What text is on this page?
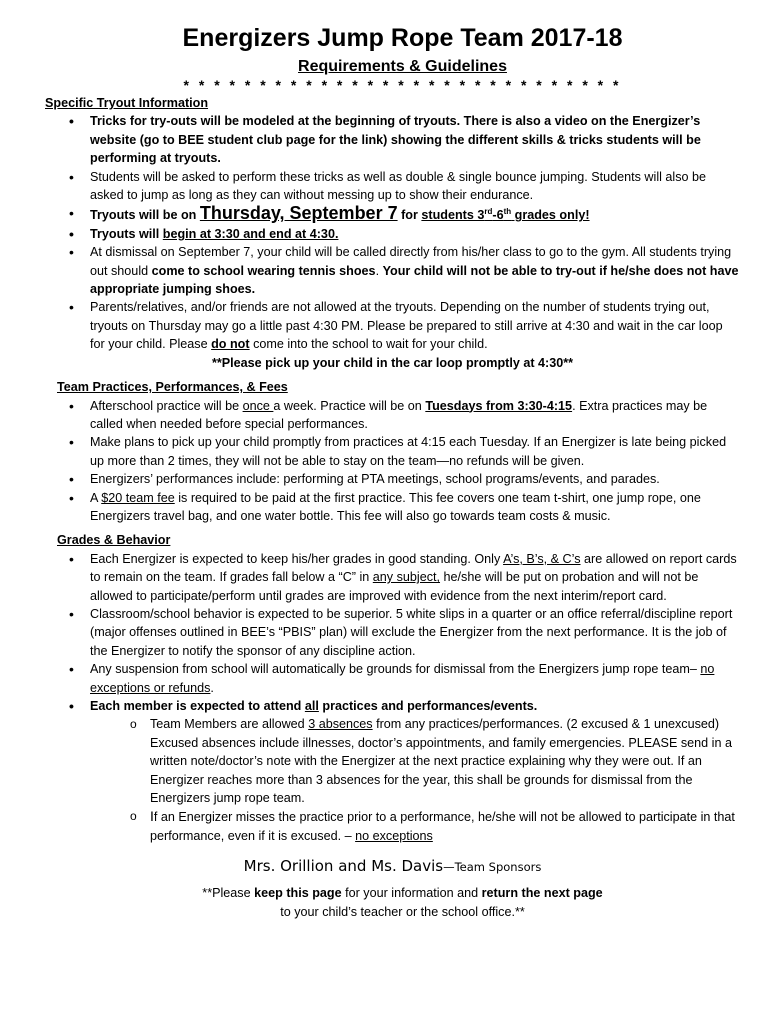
Energizers Jump Rope Team 2017-18
Requirements & Guidelines
* * * * * * * * * * * * * * * * * * * * * * * * * * * * *
Specific Tryout Information
• Tricks for try-outs will be modeled at the beginning of tryouts. There is also a video on the Energizer’s website (go to BEE student club page for the link) showing the different skills & tricks students will be performing at tryouts.
• Students will be asked to perform these tricks as well as double & single bounce jumping. Students will also be asked to jump as long as they can without messing up to show their endurance.
• Tryouts will be on Thursday, September 7 for students 3rd-6th grades only!
• Tryouts will begin at 3:30 and end at 4:30.
• At dismissal on September 7, your child will be called directly from his/her class to go to the gym. All students trying out should come to school wearing tennis shoes. Your child will not be able to try-out if he/she does not have appropriate jumping shoes.
• Parents/relatives, and/or friends are not allowed at the tryouts. Depending on the number of students trying out, tryouts on Thursday may go a little past 4:30 PM. Please be prepared to still arrive at 4:30 and wait in the car loop for your child. Please do not come into the school to wait for your child.
**Please pick up your child in the car loop promptly at 4:30**
Team Practices, Performances, & Fees
• Afterschool practice will be once a week. Practice will be on Tuesdays from 3:30-4:15. Extra practices may be called when needed before special performances.
• Make plans to pick up your child promptly from practices at 4:15 each Tuesday. If an Energizer is late being picked up more than 2 times, they will not be able to stay on the team—no refunds will be given.
• Energizers’ performances include: performing at PTA meetings, school programs/events, and parades.
• A $20 team fee is required to be paid at the first practice. This fee covers one team t-shirt, one jump rope, one Energizers travel bag, and one water bottle. This fee will also go towards team costs & music.
Grades & Behavior
• Each Energizer is expected to keep his/her grades in good standing. Only A’s, B’s, & C’s are allowed on report cards to remain on the team. If grades fall below a “C” in any subject, he/she will be put on probation and will not be allowed to participate/perform until grades are improved with evidence from the next interim/report card.
• Classroom/school behavior is expected to be superior. 5 white slips in a quarter or an office referral/discipline report (major offenses outlined in BEE’s “PBIS” plan) will exclude the Energizer from the next performance. It is the job of the Energizer to notify the sponsor of any discipline action.
• Any suspension from school will automatically be grounds for dismissal from the Energizers jump rope team– no exceptions or refunds.
• Each member is expected to attend all practices and performances/events.
o Team Members are allowed 3 absences from any practices/performances. (2 excused & 1 unexcused) Excused absences include illnesses, doctor’s appointments, and family emergencies. PLEASE send in a written note/doctor’s note with the Energizer at the next practice explaining why they were out. If an Energizer reaches more than 3 absences for the year, this shall be grounds for dismissal from the Energizers jump rope team.
o If an Energizer misses the practice prior to a performance, he/she will not be allowed to participate in that performance, even if it is excused. – no exceptions
Mrs. Orillion and Ms. Davis—Team Sponsors
**Please keep this page for your information and return the next page
to your child’s teacher or the school office.**
